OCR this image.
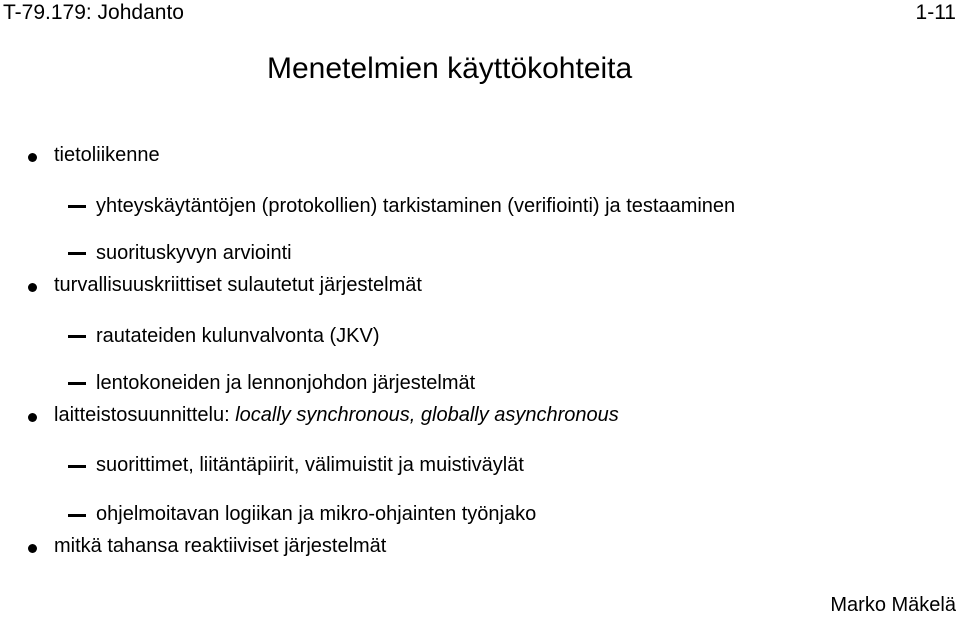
T-79.179: Johdanto	1-11
Menetelmien käyttökohteita
tietoliikenne
yhteyskäytäntöjen (protokollien) tarkistaminen (verifiointi) ja testaaminen
suorituskyvyn arviointi
turvallisuuskriittiset sulautetut järjestelmät
rautateiden kulunvalvonta (JKV)
lentokoneiden ja lennonjohdon järjestelmät
laitteistosuunnittelu: locally synchronous, globally asynchronous
suorittimet, liitäntäpiirit, välimuistit ja muistiväylät
ohjelmoitavan logiikan ja mikro-ohjainten työnjako
mitkä tahansa reaktiiviset järjestelmät
Marko Mäkelä
